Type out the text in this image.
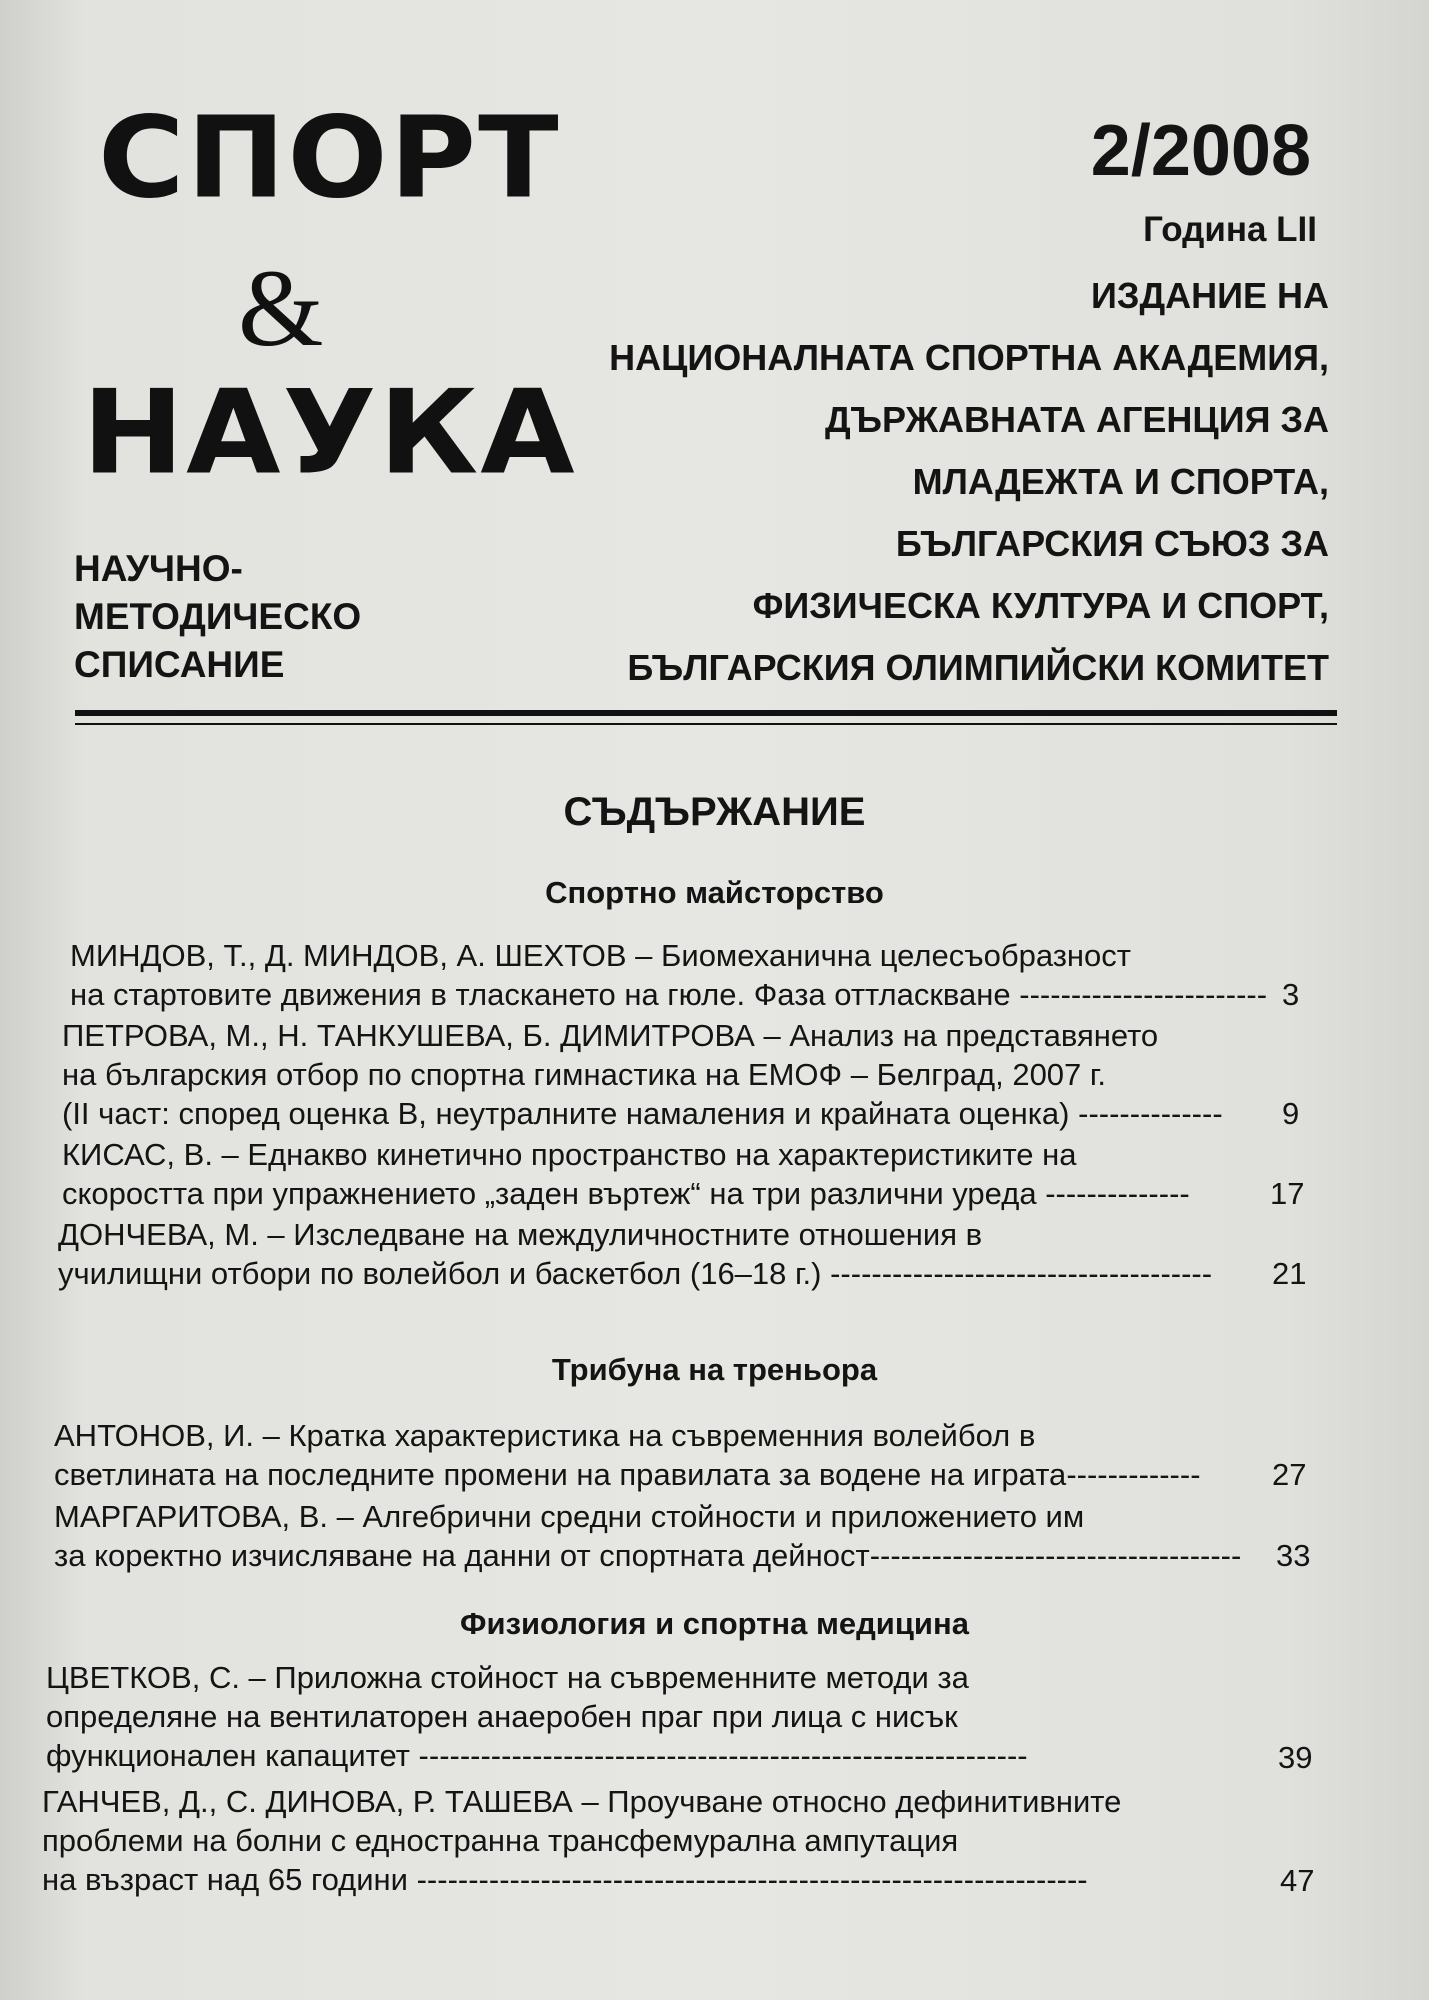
СПОРТ
&
НАУКА
НАУЧНО-
МЕТОДИЧЕСКО
СПИСАНИЕ
2/2008
Година LII
ИЗДАНИЕ НА
НАЦИОНАЛНАТА СПОРТНА АКАДЕМИЯ,
ДЪРЖАВНАТА АГЕНЦИЯ ЗА
МЛАДЕЖТА И СПОРТА,
БЪЛГАРСКИЯ СЪЮЗ ЗА
ФИЗИЧЕСКА КУЛТУРА И СПОРТ,
БЪЛГАРСКИЯ ОЛИМПИЙСКИ КОМИТЕТ
СЪДЪРЖАНИЕ
Спортно майсторство
МИНДОВ, Т., Д. МИНДОВ, А. ШЕХТОВ – Биомеханична целесъобразност
на стартовите движения в тласкането на гюле. Фаза оттласкване ------------------------ 3
ПЕТРОВА, М., Н. ТАНКУШЕВА, Б. ДИМИТРОВА – Анализ на представянето
на българския отбор по спортна гимнастика на ЕМОФ – Белград, 2007 г.
(II част: според оценка B, неутралните намаления и крайната оценка) -------------- 9
КИСАС, В. – Еднакво кинетично пространство на характеристиките на
скоростта при упражнението „заден въртеж“ на три различни уреда --------------	17
ДОНЧЕВА, М. – Изследване на междуличностните отношения в
училищни отбори по волейбол и баскетбол (16–18 г.) ------------------------------------- 21
Трибуна на треньора
АНТОНОВ, И. – Кратка характеристика на съвременния волейбол в
светлината на последните промени на правилата за водене на играта------------- 27
МАРГАРИТОВА, В. – Алгебрични средни стойности и приложението им
за коректно изчисляване на данни от спортната дейност------------------------------------ 33
Физиология и спортна медицина
ЦВЕТКОВ, С. – Приложна стойност на съвременните методи за
определяне на вентилаторен анаеробен праг при лица с нисък
функционален капацитет -----------------------------------------------------------	39
ГАНЧЕВ, Д., С. ДИНОВА, Р. ТАШЕВА – Проучване относно дефинитивните
проблеми на болни с едностранна трансфемурална ампутация
на възраст над 65 години -----------------------------------------------------------------	47
